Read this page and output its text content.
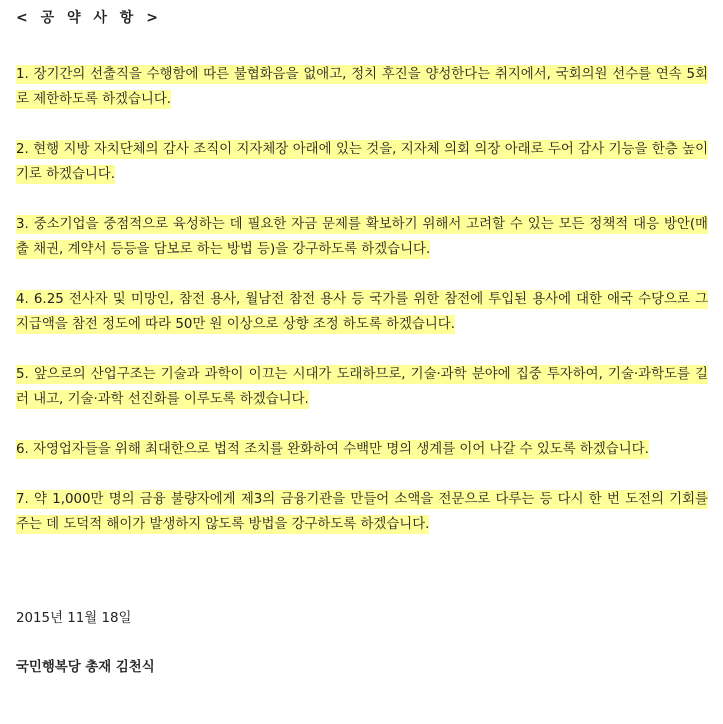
< 공 약 사 항 >
1. 장기간의 선출직을 수행함에 따른 불협화음을 없애고, 정치 후진을 양성한다는 취지에서, 국회의원 선수를 연속 5회로 제한하도록 하겠습니다.
2. 현행 지방 자치단체의 감사 조직이 지자체장 아래에 있는 것을, 지자체 의회 의장 아래로 두어 감사 기능을 한층 높이기로 하겠습니다.
3. 중소기업을 중점적으로 육성하는 데 필요한 자금 문제를 확보하기 위해서 고려할 수 있는 모든 정책적 대응 방안(매출 채권, 계약서 등등을 담보로 하는 방법 등)을 강구하도록 하겠습니다.
4. 6.25 전사자 및 미망인, 참전 용사, 월남전 참전 용사 등 국가를 위한 참전에 투입된 용사에 대한 애국 수당으로 그 지급액을 참전 정도에 따라 50만 원 이상으로 상향 조정 하도록 하겠습니다.
5. 앞으로의 산업구조는 기술과 과학이 이끄는 시대가 도래하므로, 기술·과학 분야에 집중 투자하여, 기술·과학도를 길러 내고, 기술·과학 선진화를 이루도록 하겠습니다.
6. 자영업자들을 위해 최대한으로 법적 조치를 완화하여 수백만 명의 생계를 이어 나갈 수 있도록 하겠습니다.
7. 약 1,000만 명의 금융 불량자에게 제3의 금융기관을 만들어 소액을 전문으로 다루는 등 다시 한 번 도전의 기회를 주는 데 도덕적 해이가 발생하지 않도록 방법을 강구하도록 하겠습니다.
2015년 11월 18일
국민행복당 총재 김천식
